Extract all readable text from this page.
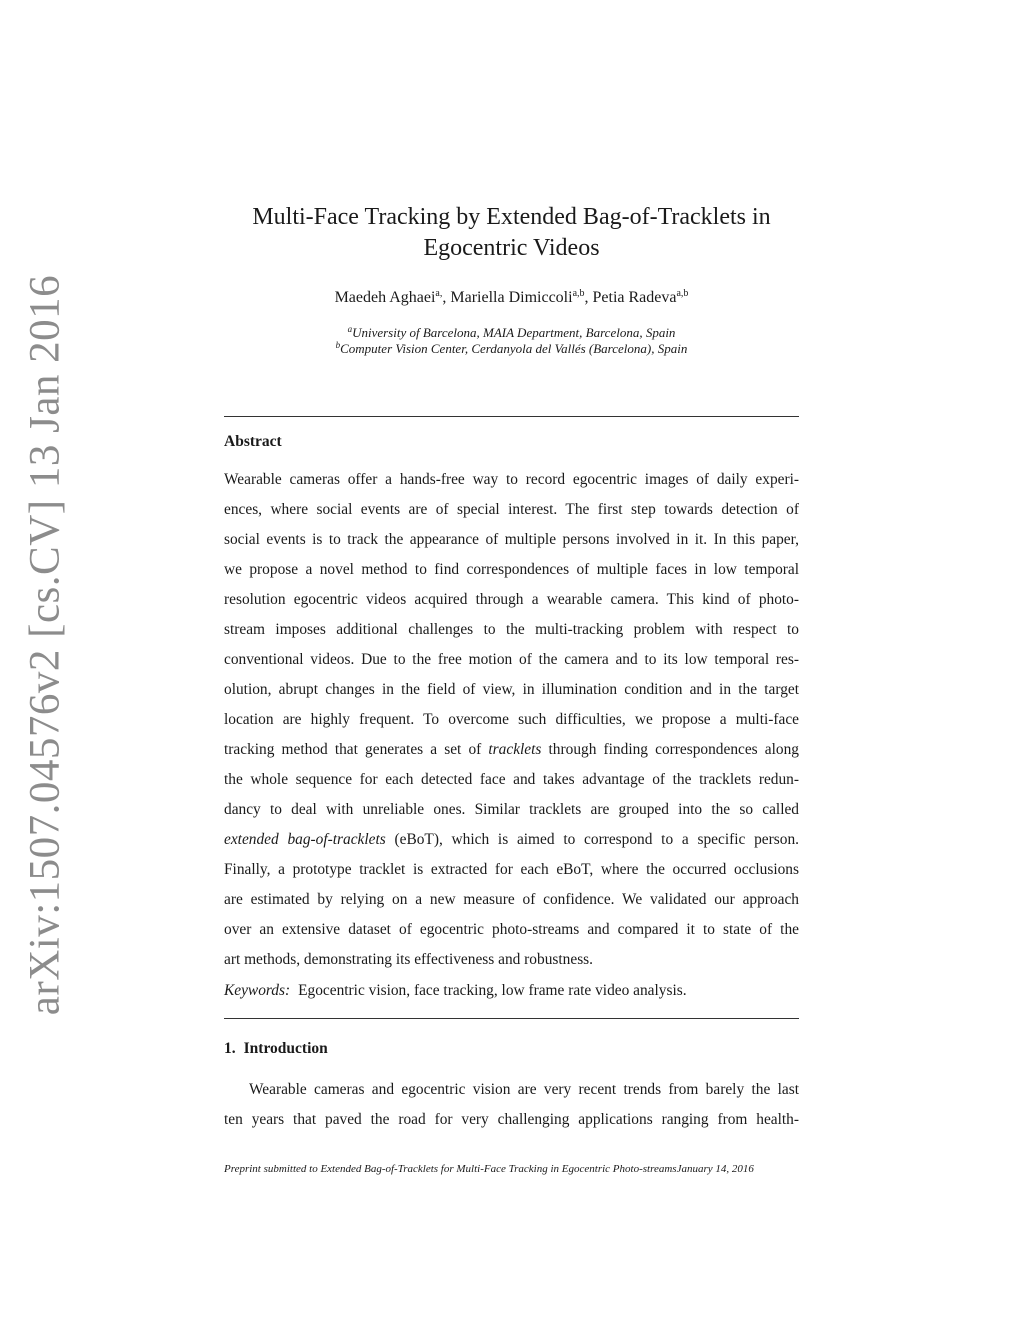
arXiv:1507.04576v2 [cs.CV] 13 Jan 2016
Multi-Face Tracking by Extended Bag-of-Tracklets in
Egocentric Videos
Maedeh Aghaei$^{a,}$, Mariella Dimiccoli$^{a,b}$, Petia Radeva$^{a,b}$
$^a$University of Barcelona, MAIA Department, Barcelona, Spain
$^b$Computer Vision Center, Cerdanyola del Vallés (Barcelona), Spain
Abstract
Wearable cameras offer a hands-free way to record egocentric images of daily experi-
ences, where social events are of special interest. The first step towards detection of
social events is to track the appearance of multiple persons involved in it. In this paper,
we propose a novel method to find correspondences of multiple faces in low temporal
resolution egocentric videos acquired through a wearable camera. This kind of photo-
stream imposes additional challenges to the multi-tracking problem with respect to
conventional videos. Due to the free motion of the camera and to its low temporal res-
olution, abrupt changes in the field of view, in illumination condition and in the target
location are highly frequent. To overcome such difficulties, we propose a multi-face
tracking method that generates a set of tracklets through finding correspondences along
the whole sequence for each detected face and takes advantage of the tracklets redun-
dancy to deal with unreliable ones. Similar tracklets are grouped into the so called
extended bag-of-tracklets (eBoT), which is aimed to correspond to a specific person.
Finally, a prototype tracklet is extracted for each eBoT, where the occurred occlusions
are estimated by relying on a new measure of confidence. We validated our approach
over an extensive dataset of egocentric photo-streams and compared it to state of the
art methods, demonstrating its effectiveness and robustness.
Keywords: Egocentric vision, face tracking, low frame rate video analysis.
1. Introduction
Wearable cameras and egocentric vision are very recent trends from barely the last
ten years that paved the road for very challenging applications ranging from health-
Preprint submitted to Extended Bag-of-Tracklets for Multi-Face Tracking in Egocentric Photo-streamsJanuary 14, 2016
